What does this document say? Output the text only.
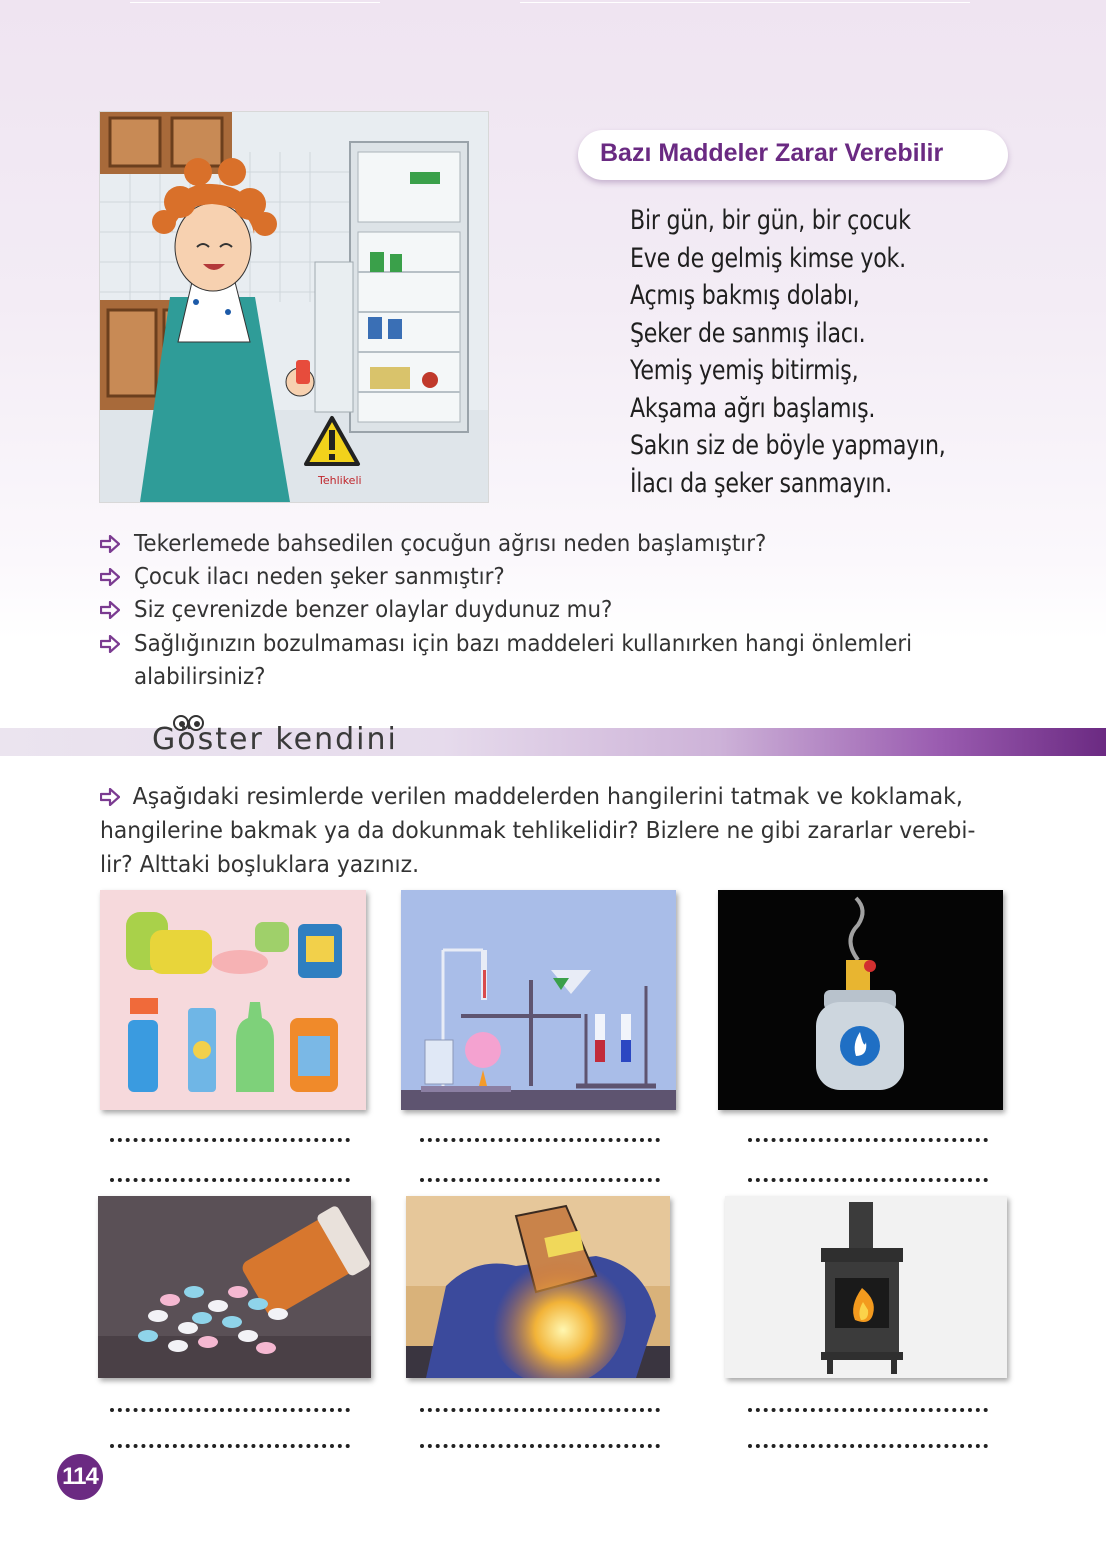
Tehlikeli
Bazı Maddeler Zarar Verebilir
Bir gün, bir gün, bir çocuk
Eve de gelmiş kimse yok.
Açmış bakmış dolabı,
Şeker de sanmış ilacı.
Yemiş yemiş bitirmiş,
Akşama ağrı başlamış.
Sakın siz de böyle yapmayın,
İlacı da şeker sanmayın.
Tekerlemede bahsedilen çocuğun ağrısı neden başlamıştır?
Çocuk ilacı neden şeker sanmıştır?
Siz çevrenizde benzer olaylar duydunuz mu?
Sağlığınızın bozulmaması için bazı maddeleri kullanırken hangi önlemleri
alabilirsiniz?
Göster kendini
Aşağıdaki resimlerde verilen maddelerden hangilerini tatmak ve koklamak,
hangilerine bakmak ya da dokunmak tehlikelidir? Bizlere ne gibi zararlar verebi-
lir? Alttaki boşluklara yazınız.
114
